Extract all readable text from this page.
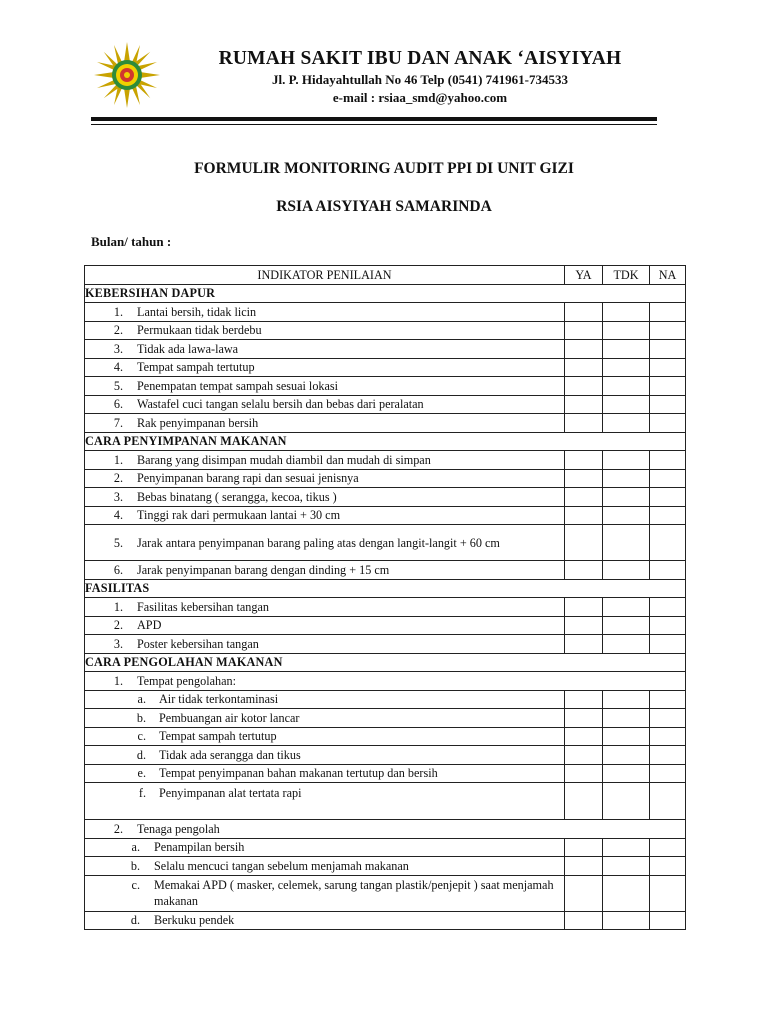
RUMAH SAKIT IBU DAN ANAK ‘AISYIYAH
Jl. P. Hidayahtullah No 46 Telp (0541) 741961-734533
e-mail : rsiaa_smd@yahoo.com
FORMULIR MONITORING AUDIT PPI DI UNIT GIZI
RSIA AISYIYAH SAMARINDA
Bulan/ tahun :
INDIKATOR PENILAIAN	YA	TDK	NA
KEBERSIHAN DAPUR			

1. Lantai bersih, tidak licin			

2. Permukaan tidak berdebu			

3. Tidak ada lawa-lawa			

4. Tempat sampah tertutup			

5. Penempatan tempat sampah sesuai lokasi			

6. Wastafel cuci tangan selalu bersih dan bebas dari peralatan			

7. Rak penyimpanan bersih			

CARA PENYIMPANAN MAKANAN			

1. Barang yang disimpan mudah diambil dan mudah di simpan			

2. Penyimpanan barang rapi dan sesuai jenisnya			

3. Bebas binatang ( serangga, kecoa, tikus )			

4. Tinggi rak dari permukaan lantai + 30 cm			

5. Jarak antara penyimpanan barang paling atas dengan langit-langit + 60 cm			

6. Jarak penyimpanan barang dengan dinding + 15 cm			

FASILITAS			

1. Fasilitas kebersihan tangan			

2. APD			

3. Poster kebersihan tangan			

CARA PENGOLAHAN MAKANAN			

1. Tempat pengolahan:			

a. Air tidak terkontaminasi			

b. Pembuangan air kotor lancar			

c. Tempat sampah tertutup			

d. Tidak ada serangga dan tikus			

e. Tempat penyimpanan bahan makanan tertutup dan bersih			

f. Penyimpanan alat tertata rapi			

2. Tenaga pengolah			

a. Penampilan bersih			

b. Selalu mencuci tangan sebelum menjamah makanan			

c. Memakai APD ( masker, celemek, sarung tangan plastik/penjepit ) saat menjamah makanan			

d. Berkuku pendek			
